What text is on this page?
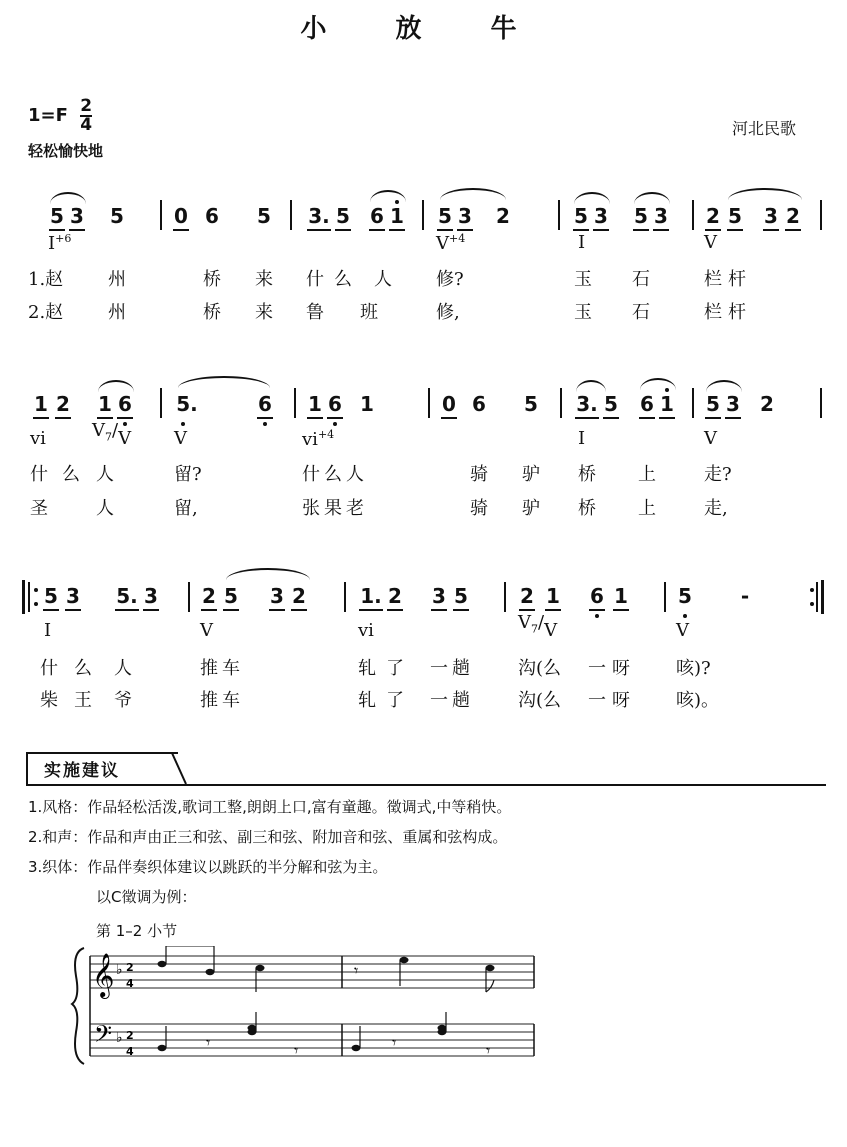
小 放 牛
$1=F \frac{2}{4}$
轻松愉快地
河北民歌
5 3 5	0 6 5 3. 5 6 1 5 3 2	5 3 5 3 2 5 3 2
$I^{+6}$	$V^{+4}$	I	V
1.赵 州	桥 来 什 么 人 修?	玉 石	栏 杆
2.赵 州	桥 来 鲁 班	修,	玉 石	栏 杆
1 2 1 6 5.	6 1 6 1	0 6 5 3. 5 6 1 5 3 2
vi	$V_7/V$ V	$vi^{+4}$	I	V
什 么 人	留?	什 么 人	骑 驴 桥 上	走?
圣	人	留,	张 果 老	骑 驴 桥 上	走,
5 3 5. 3 2 5 3 2	1. 2 3 5	2 1 6 1	5 -
I	V	vi	$V_7/V$	V
什 么 人	推 车	轧 了 一 趟	沟(么 一 呀	咳)?
柴 王 爷	推 车	轧 了 一 趟	沟(么 一 呀	咳)。
实施建议
1.风格：作品轻松活泼,歌词工整,朗朗上口,富有童趣。徵调式,中等稍快。
2.和声：作品和声由正三和弦、副三和弦、附加音和弦、重属和弦构成。
3.织体：作品伴奏织体建议以跳跃的半分解和弦为主。
以C徵调为例：
第 1–2 小节
𝄞
𝄢
♭
♭
2
4
2
4
𝄾
𝄾	𝄾	𝄾	𝄾
